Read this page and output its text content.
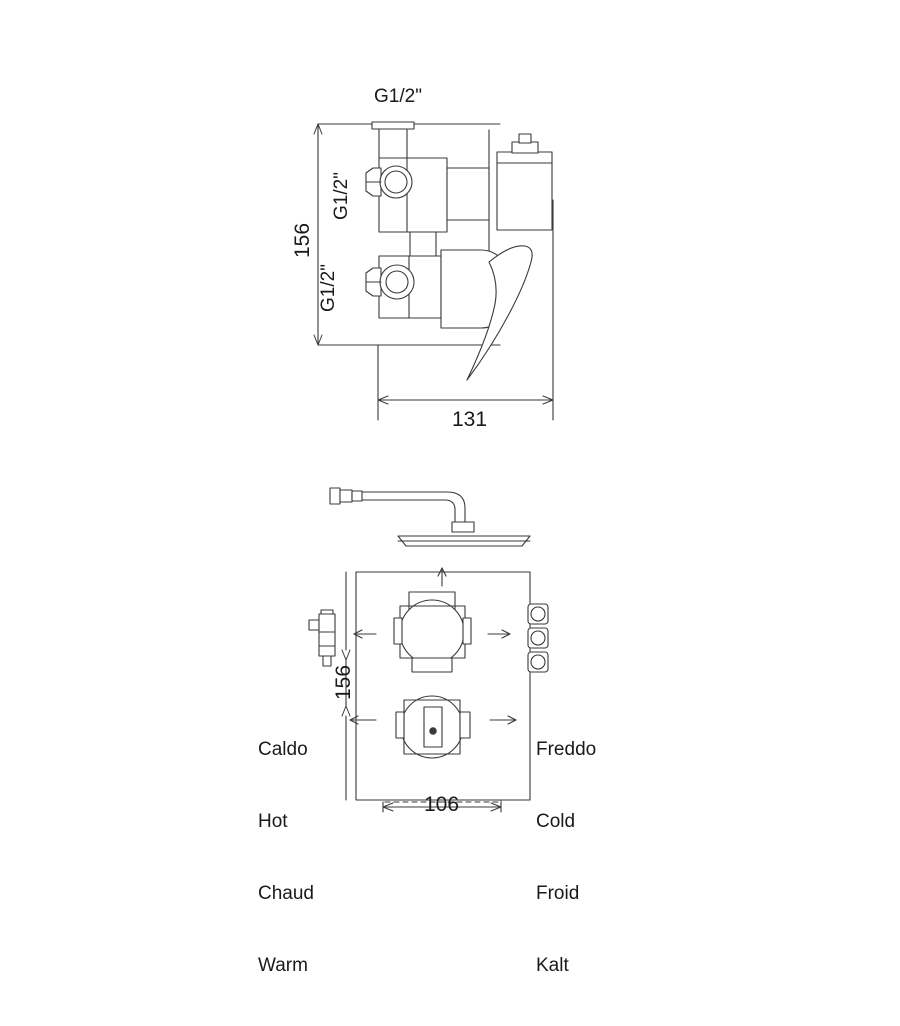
G1/2"
G1/2"
G1/2"
156
131
156
106

Caldo

Hot

Chaud

Warm

Freddo

Cold

Froid

Kalt
